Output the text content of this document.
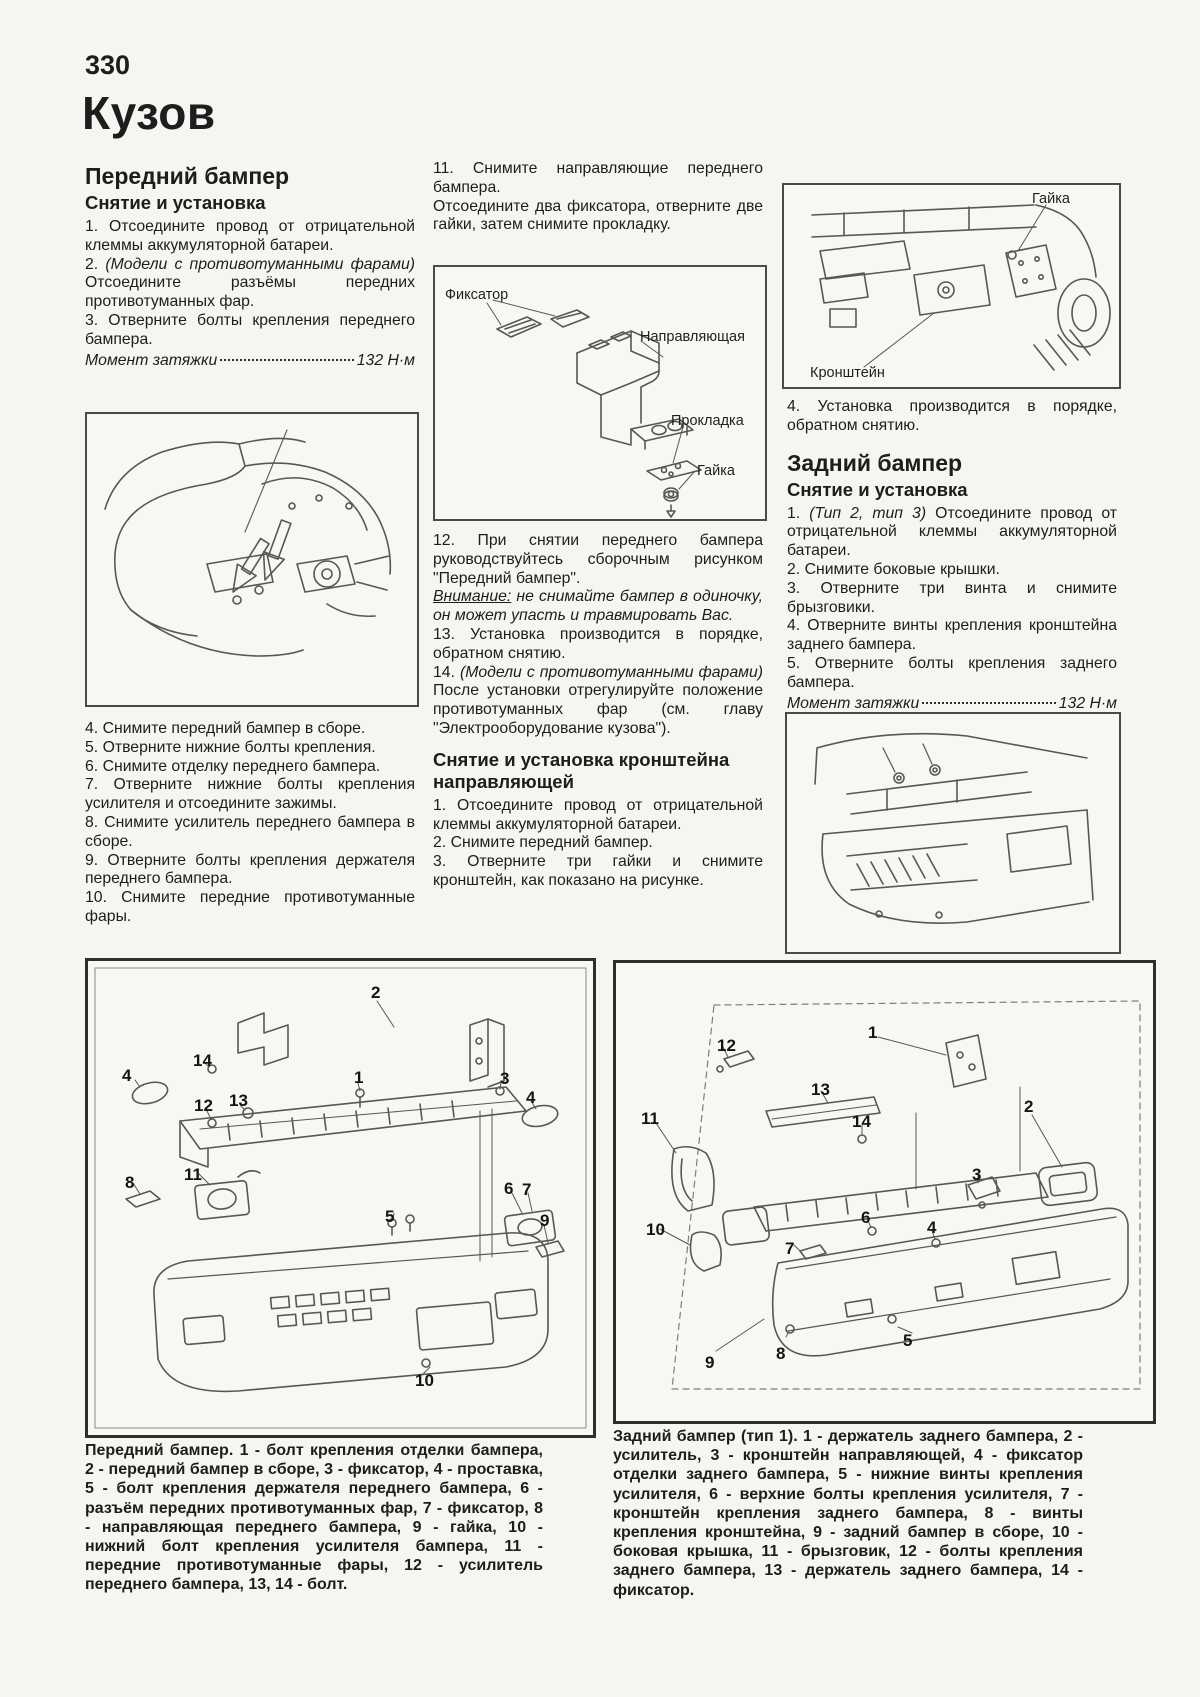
330
Кузов
Передний бампер
Снятие и установка

1. Отсоедините провод от отрицательной клеммы аккумуляторной батареи.

2. (Модели с противотуманными фарами) Отсоедините разъёмы передних противотуманных фар.

3. Отверните болты крепления переднего бампера.

Момент затяжки	132 Н·м

4. Снимите передний бампер в сборе.

5. Отверните нижние болты крепления.

6. Снимите отделку переднего бампера.

7. Отверните нижние болты крепления усилителя и отсоедините зажимы.

8. Снимите усилитель переднего бампера в сборе.

9. Отверните болты крепления держателя переднего бампера.

10. Снимите передние противотуманные фары.

11. Снимите направляющие переднего бампера.

Отсоедините два фиксатора, отверните две гайки, затем снимите прокладку.

Фиксатор
Направляющая
Прокладка
Гайка

12. При снятии переднего бампера руководствуйтесь сборочным рисунком "Передний бампер".

Внимание: не снимайте бампер в одиночку, он может упасть и травмировать Вас.

13. Установка производится в порядке, обратном снятию.

14. (Модели с противотуманными фарами) После установки отрегулируйте положение противотуманных фар (см. главу "Электрооборудование кузова").

Снятие и установка кронштейна направляющей

1. Отсоедините провод от отрицательной клеммы аккумуляторной батареи.

2. Снимите передний бампер.

3. Отверните три гайки и снимите кронштейн, как показано на рисунке.

Гайка
Кронштейн

4. Установка производится в порядке, обратном снятию.

Задний бампер
Снятие и установка

1. (Тип 2, тип 3) Отсоедините провод от отрицательной клеммы аккумуляторной батареи.

2. Снимите боковые крышки.

3. Отверните три винта и снимите брызговики.

4. Отверните винты крепления кронштейна заднего бампера.

5. Отверните болты крепления заднего бампера.

Момент затяжки	132 Н·м
2
14
4
12 13
1	3
4
8	11
5
6 7
9
10
12
1
13
14
2
11
3
10
6
4
7
5
8
9

Передний бампер. 1 - болт крепления отделки бампера, 2 - передний бампер в сборе, 3 - фиксатор, 4 - проставка, 5 - болт крепления держателя переднего бампера, 6 - разъём передних противотуманных фар, 7 - фиксатор, 8 - направляющая переднего бампера, 9 - гайка, 10 - нижний болт крепления усилителя бампера, 11 - передние противотуманные фары, 12 - усилитель переднего бампера, 13, 14 - болт.

Задний бампер (тип 1). 1 - держатель заднего бампера, 2 - усилитель, 3 - кронштейн направляющей, 4 - фиксатор отделки заднего бампера, 5 - нижние винты крепления усилителя, 6 - верхние болты крепления усилителя, 7 - кронштейн крепления заднего бампера, 8 - винты крепления кронштейна, 9 - задний бампер в сборе, 10 - боковая крышка, 11 - брызговик, 12 - болты крепления заднего бампера, 13 - держатель заднего бампера, 14 - фиксатор.
